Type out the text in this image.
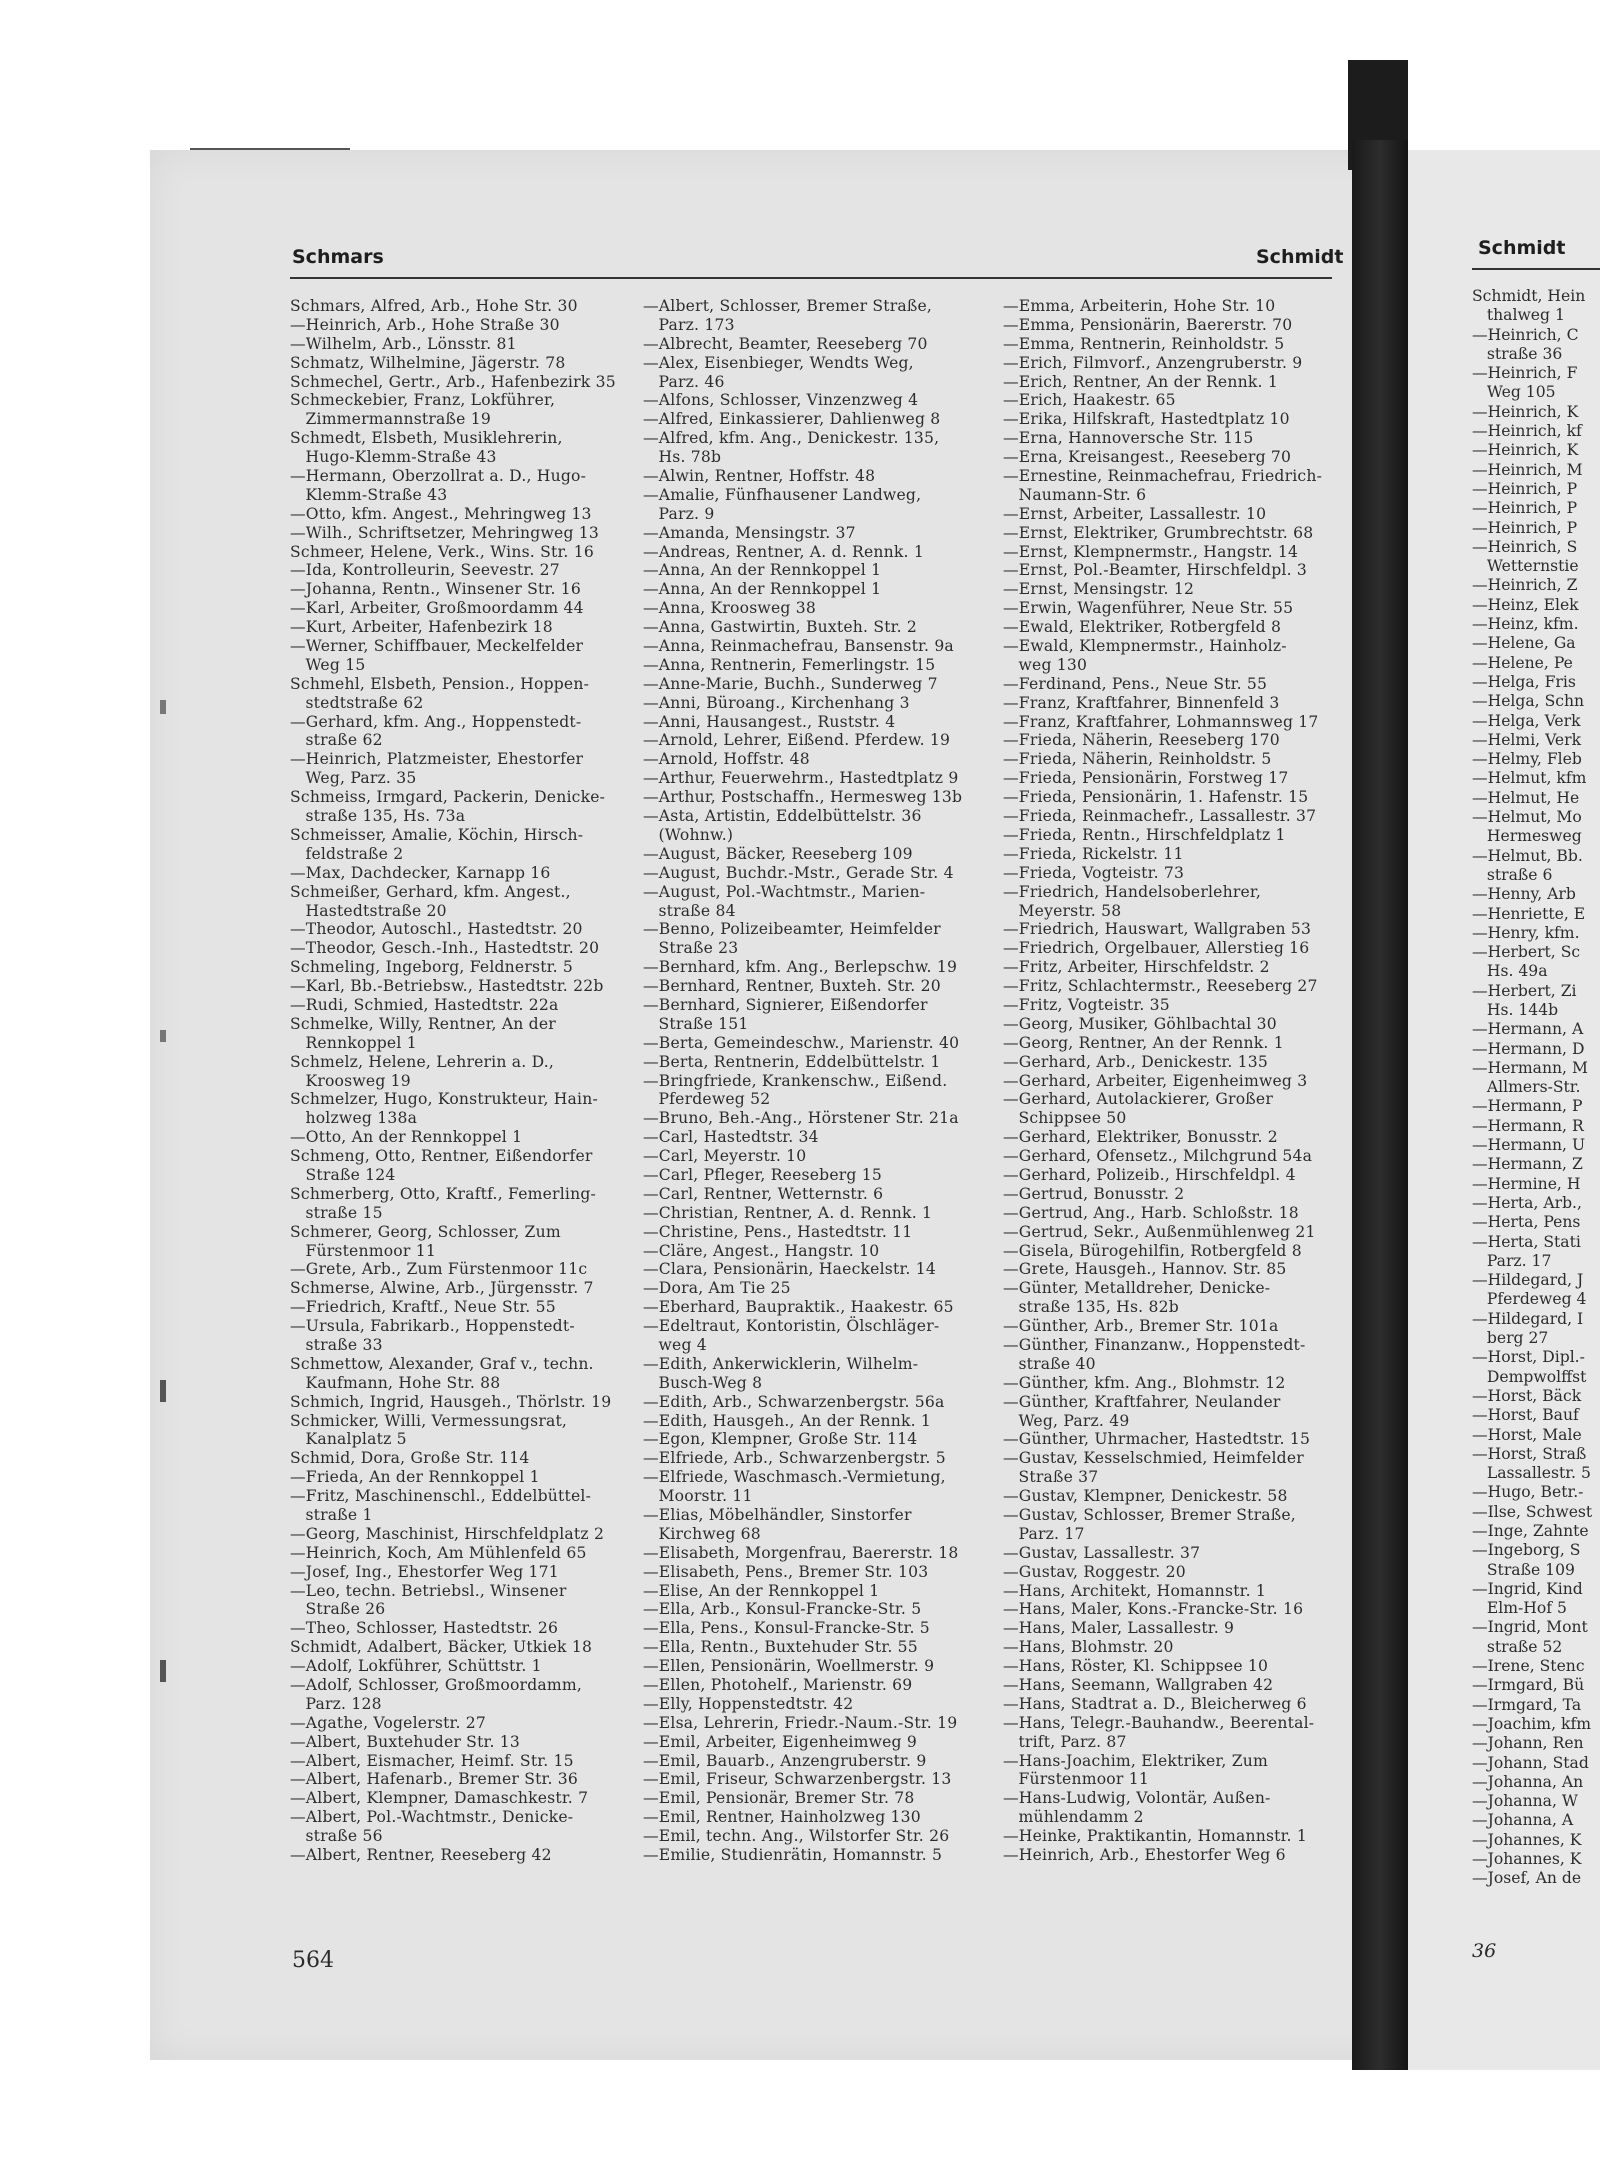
Schmars	Schmidt
Schmars, Alfred, Arb., Hohe Str. 30
—Heinrich, Arb., Hohe Straße 30
—Wilhelm, Arb., Lönsstr. 81
Schmatz, Wilhelmine, Jägerstr. 78
Schmechel, Gertr., Arb., Hafenbezirk 35
Schmeckebier, Franz, Lokführer,
Zimmermannstraße 19
Schmedt, Elsbeth, Musiklehrerin,
Hugo-Klemm-Straße 43
—Hermann, Oberzollrat a. D., Hugo-
Klemm-Straße 43
—Otto, kfm. Angest., Mehringweg 13
—Wilh., Schriftsetzer, Mehringweg 13
Schmeer, Helene, Verk., Wins. Str. 16
—Ida, Kontrolleurin, Seevestr. 27
—Johanna, Rentn., Winsener Str. 16
—Karl, Arbeiter, Großmoordamm 44
—Kurt, Arbeiter, Hafenbezirk 18
—Werner, Schiffbauer, Meckelfelder
Weg 15
Schmehl, Elsbeth, Pension., Hoppen-
stedtstraße 62
—Gerhard, kfm. Ang., Hoppenstedt-
straße 62
—Heinrich, Platzmeister, Ehestorfer
Weg, Parz. 35
Schmeiss, Irmgard, Packerin, Denicke-
straße 135, Hs. 73a
Schmeisser, Amalie, Köchin, Hirsch-
feldstraße 2
—Max, Dachdecker, Karnapp 16
Schmeißer, Gerhard, kfm. Angest.,
Hastedtstraße 20
—Theodor, Autoschl., Hastedtstr. 20
—Theodor, Gesch.-Inh., Hastedtstr. 20
Schmeling, Ingeborg, Feldnerstr. 5
—Karl, Bb.-Betriebsw., Hastedtstr. 22b
—Rudi, Schmied, Hastedtstr. 22a
Schmelke, Willy, Rentner, An der
Rennkoppel 1
Schmelz, Helene, Lehrerin a. D.,
Kroosweg 19
Schmelzer, Hugo, Konstrukteur, Hain-
holzweg 138a
—Otto, An der Rennkoppel 1
Schmeng, Otto, Rentner, Eißendorfer
Straße 124
Schmerberg, Otto, Kraftf., Femerling-
straße 15
Schmerer, Georg, Schlosser, Zum
Fürstenmoor 11
—Grete, Arb., Zum Fürstenmoor 11c
Schmerse, Alwine, Arb., Jürgensstr. 7
—Friedrich, Kraftf., Neue Str. 55
—Ursula, Fabrikarb., Hoppenstedt-
straße 33
Schmettow, Alexander, Graf v., techn.
Kaufmann, Hohe Str. 88
Schmich, Ingrid, Hausgeh., Thörlstr. 19
Schmicker, Willi, Vermessungsrat,
Kanalplatz 5
Schmid, Dora, Große Str. 114
—Frieda, An der Rennkoppel 1
—Fritz, Maschinenschl., Eddelbüttel-
straße 1
—Georg, Maschinist, Hirschfeldplatz 2
—Heinrich, Koch, Am Mühlenfeld 65
—Josef, Ing., Ehestorfer Weg 171
—Leo, techn. Betriebsl., Winsener
Straße 26
—Theo, Schlosser, Hastedtstr. 26
Schmidt, Adalbert, Bäcker, Utkiek 18
—Adolf, Lokführer, Schüttstr. 1
—Adolf, Schlosser, Großmoordamm,
Parz. 128
—Agathe, Vogelerstr. 27
—Albert, Buxtehuder Str. 13
—Albert, Eismacher, Heimf. Str. 15
—Albert, Hafenarb., Bremer Str. 36
—Albert, Klempner, Damaschkestr. 7
—Albert, Pol.-Wachtmstr., Denicke-
straße 56
—Albert, Rentner, Reeseberg 42
—Albert, Schlosser, Bremer Straße,
Parz. 173
—Albrecht, Beamter, Reeseberg 70
—Alex, Eisenbieger, Wendts Weg,
Parz. 46
—Alfons, Schlosser, Vinzenzweg 4
—Alfred, Einkassierer, Dahlienweg 8
—Alfred, kfm. Ang., Denickestr. 135,
Hs. 78b
—Alwin, Rentner, Hoffstr. 48
—Amalie, Fünfhausener Landweg,
Parz. 9
—Amanda, Mensingstr. 37
—Andreas, Rentner, A. d. Rennk. 1
—Anna, An der Rennkoppel 1
—Anna, An der Rennkoppel 1
—Anna, Kroosweg 38
—Anna, Gastwirtin, Buxteh. Str. 2
—Anna, Reinmachefrau, Bansenstr. 9a
—Anna, Rentnerin, Femerlingstr. 15
—Anne-Marie, Buchh., Sunderweg 7
—Anni, Büroang., Kirchenhang 3
—Anni, Hausangest., Ruststr. 4
—Arnold, Lehrer, Eißend. Pferdew. 19
—Arnold, Hoffstr. 48
—Arthur, Feuerwehrm., Hastedtplatz 9
—Arthur, Postschaffn., Hermesweg 13b
—Asta, Artistin, Eddelbüttelstr. 36
(Wohnw.)
—August, Bäcker, Reeseberg 109
—August, Buchdr.-Mstr., Gerade Str. 4
—August, Pol.-Wachtmstr., Marien-
straße 84
—Benno, Polizeibeamter, Heimfelder
Straße 23
—Bernhard, kfm. Ang., Berlepschw. 19
—Bernhard, Rentner, Buxteh. Str. 20
—Bernhard, Signierer, Eißendorfer
Straße 151
—Berta, Gemeindeschw., Marienstr. 40
—Berta, Rentnerin, Eddelbüttelstr. 1
—Bringfriede, Krankenschw., Eißend.
Pferdeweg 52
—Bruno, Beh.-Ang., Hörstener Str. 21a
—Carl, Hastedtstr. 34
—Carl, Meyerstr. 10
—Carl, Pfleger, Reeseberg 15
—Carl, Rentner, Wetternstr. 6
—Christian, Rentner, A. d. Rennk. 1
—Christine, Pens., Hastedtstr. 11
—Cläre, Angest., Hangstr. 10
—Clara, Pensionärin, Haeckelstr. 14
—Dora, Am Tie 25
—Eberhard, Baupraktik., Haakestr. 65
—Edeltraut, Kontoristin, Ölschläger-
weg 4
—Edith, Ankerwicklerin, Wilhelm-
Busch-Weg 8
—Edith, Arb., Schwarzenbergstr. 56a
—Edith, Hausgeh., An der Rennk. 1
—Egon, Klempner, Große Str. 114
—Elfriede, Arb., Schwarzenbergstr. 5
—Elfriede, Waschmasch.-Vermietung,
Moorstr. 11
—Elias, Möbelhändler, Sinstorfer
Kirchweg 68
—Elisabeth, Morgenfrau, Baererstr. 18
—Elisabeth, Pens., Bremer Str. 103
—Elise, An der Rennkoppel 1
—Ella, Arb., Konsul-Francke-Str. 5
—Ella, Pens., Konsul-Francke-Str. 5
—Ella, Rentn., Buxtehuder Str. 55
—Ellen, Pensionärin, Woellmerstr. 9
—Ellen, Photohelf., Marienstr. 69
—Elly, Hoppenstedtstr. 42
—Elsa, Lehrerin, Friedr.-Naum.-Str. 19
—Emil, Arbeiter, Eigenheimweg 9
—Emil, Bauarb., Anzengruberstr. 9
—Emil, Friseur, Schwarzenbergstr. 13
—Emil, Pensionär, Bremer Str. 78
—Emil, Rentner, Hainholzweg 130
—Emil, techn. Ang., Wilstorfer Str. 26
—Emilie, Studienrätin, Homannstr. 5
—Emma, Arbeiterin, Hohe Str. 10
—Emma, Pensionärin, Baererstr. 70
—Emma, Rentnerin, Reinholdstr. 5
—Erich, Filmvorf., Anzengruberstr. 9
—Erich, Rentner, An der Rennk. 1
—Erich, Haakestr. 65
—Erika, Hilfskraft, Hastedtplatz 10
—Erna, Hannoversche Str. 115
—Erna, Kreisangest., Reeseberg 70
—Ernestine, Reinmachefrau, Friedrich-
Naumann-Str. 6
—Ernst, Arbeiter, Lassallestr. 10
—Ernst, Elektriker, Grumbrechtstr. 68
—Ernst, Klempnermstr., Hangstr. 14
—Ernst, Pol.-Beamter, Hirschfeldpl. 3
—Ernst, Mensingstr. 12
—Erwin, Wagenführer, Neue Str. 55
—Ewald, Elektriker, Rotbergfeld 8
—Ewald, Klempnermstr., Hainholz-
weg 130
—Ferdinand, Pens., Neue Str. 55
—Franz, Kraftfahrer, Binnenfeld 3
—Franz, Kraftfahrer, Lohmannsweg 17
—Frieda, Näherin, Reeseberg 170
—Frieda, Näherin, Reinholdstr. 5
—Frieda, Pensionärin, Forstweg 17
—Frieda, Pensionärin, 1. Hafenstr. 15
—Frieda, Reinmachefr., Lassallestr. 37
—Frieda, Rentn., Hirschfeldplatz 1
—Frieda, Rickelstr. 11
—Frieda, Vogteistr. 73
—Friedrich, Handelsoberlehrer,
Meyerstr. 58
—Friedrich, Hauswart, Wallgraben 53
—Friedrich, Orgelbauer, Allerstieg 16
—Fritz, Arbeiter, Hirschfeldstr. 2
—Fritz, Schlachtermstr., Reeseberg 27
—Fritz, Vogteistr. 35
—Georg, Musiker, Göhlbachtal 30
—Georg, Rentner, An der Rennk. 1
—Gerhard, Arb., Denickestr. 135
—Gerhard, Arbeiter, Eigenheimweg 3
—Gerhard, Autolackierer, Großer
Schippsee 50
—Gerhard, Elektriker, Bonusstr. 2
—Gerhard, Ofensetz., Milchgrund 54a
—Gerhard, Polizeib., Hirschfeldpl. 4
—Gertrud, Bonusstr. 2
—Gertrud, Ang., Harb. Schloßstr. 18
—Gertrud, Sekr., Außenmühlenweg 21
—Gisela, Bürogehilfin, Rotbergfeld 8
—Grete, Hausgeh., Hannov. Str. 85
—Günter, Metalldreher, Denicke-
straße 135, Hs. 82b
—Günther, Arb., Bremer Str. 101a
—Günther, Finanzanw., Hoppenstedt-
straße 40
—Günther, kfm. Ang., Blohmstr. 12
—Günther, Kraftfahrer, Neulander
Weg, Parz. 49
—Günther, Uhrmacher, Hastedtstr. 15
—Gustav, Kesselschmied, Heimfelder
Straße 37
—Gustav, Klempner, Denickestr. 58
—Gustav, Schlosser, Bremer Straße,
Parz. 17
—Gustav, Lassallestr. 37
—Gustav, Roggestr. 20
—Hans, Architekt, Homannstr. 1
—Hans, Maler, Kons.-Francke-Str. 16
—Hans, Maler, Lassallestr. 9
—Hans, Blohmstr. 20
—Hans, Röster, Kl. Schippsee 10
—Hans, Seemann, Wallgraben 42
—Hans, Stadtrat a. D., Bleicherweg 6
—Hans, Telegr.-Bauhandw., Beerental-
trift, Parz. 87
—Hans-Joachim, Elektriker, Zum
Fürstenmoor 11
—Hans-Ludwig, Volontär, Außen-
mühlendamm 2
—Heinke, Praktikantin, Homannstr. 1
—Heinrich, Arb., Ehestorfer Weg 6
564
Schmidt
Schmidt, Hein
thalweg 1
—Heinrich, C
straße 36
—Heinrich, F
Weg 105
—Heinrich, K
—Heinrich, kf
—Heinrich, K
—Heinrich, M
—Heinrich, P
—Heinrich, P
—Heinrich, P
—Heinrich, S
Wetternstie
—Heinrich, Z
—Heinz, Elek
—Heinz, kfm.
—Helene, Ga
—Helene, Pe
—Helga, Fris
—Helga, Schn
—Helga, Verk
—Helmi, Verk
—Helmy, Fleb
—Helmut, kfm
—Helmut, He
—Helmut, Mo
Hermesweg
—Helmut, Bb.
straße 6
—Henny, Arb
—Henriette, E
—Henry, kfm.
—Herbert, Sc
Hs. 49a
—Herbert, Zi
Hs. 144b
—Hermann, A
—Hermann, D
—Hermann, M
Allmers-Str.
—Hermann, P
—Hermann, R
—Hermann, U
—Hermann, Z
—Hermine, H
—Herta, Arb.,
—Herta, Pens
—Herta, Stati
Parz. 17
—Hildegard, J
Pferdeweg 4
—Hildegard, I
berg 27
—Horst, Dipl.-
Dempwolffst
—Horst, Bäck
—Horst, Bauf
—Horst, Male
—Horst, Straß
Lassallestr. 5
—Hugo, Betr.-
—Ilse, Schwest
—Inge, Zahnte
—Ingeborg, S
Straße 109
—Ingrid, Kind
Elm-Hof 5
—Ingrid, Mont
straße 52
—Irene, Stenc
—Irmgard, Bü
—Irmgard, Ta
—Joachim, kfm
—Johann, Ren
—Johann, Stad
—Johanna, An
—Johanna, W
—Johanna, A
—Johannes, K
—Johannes, K
—Josef, An de
36
